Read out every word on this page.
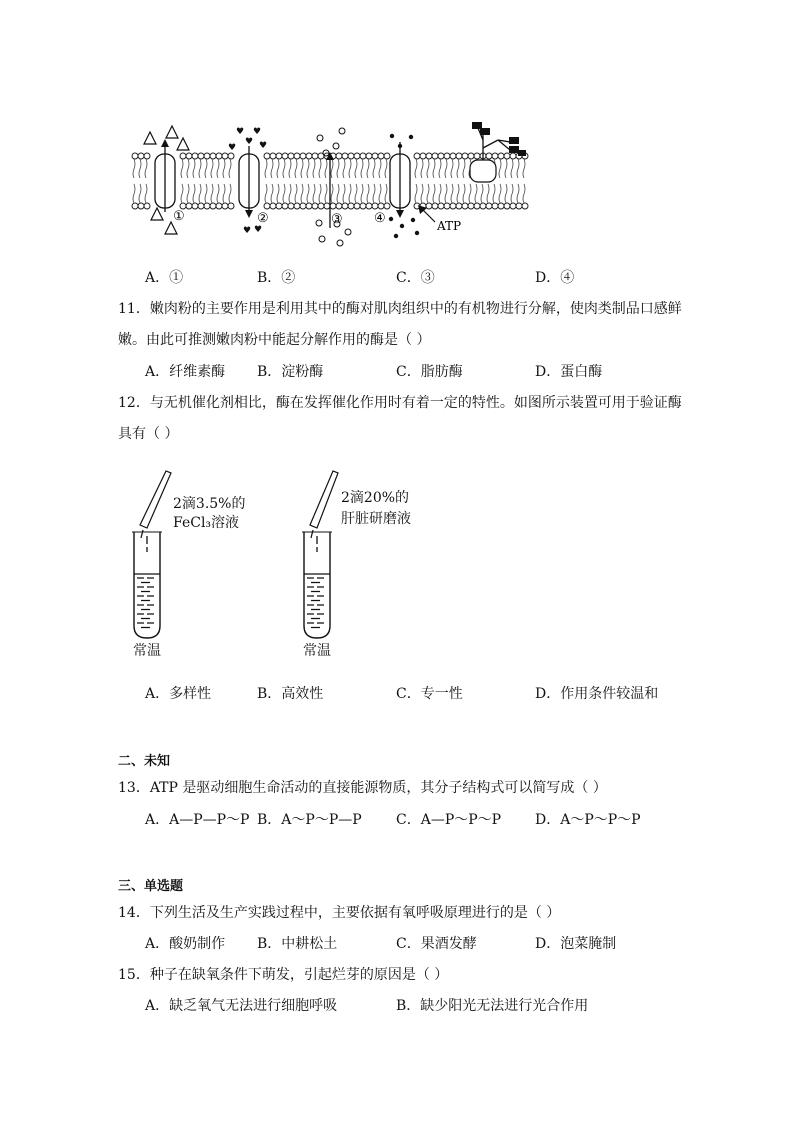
♥ ♥
♥
♥ ♥
♥ ♥
①	②	③ ④	ATP
A．①	B．②	C．③	D．④
11．嫩肉粉的主要作用是利用其中的酶对肌肉组织中的有机物进行分解，使肉类制品口感鲜
嫩。由此可推测嫩肉粉中能起分解作用的酶是（ ）
A．纤维素酶 B．淀粉酶	C．脂肪酶	D．蛋白酶
12．与无机催化剂相比，酶在发挥催化作用时有着一定的特性。如图所示装置可用于验证酶
具有（ ）
2滴3.5%的
FeCl₃溶液
2滴20%的
肝脏研磨液
常温	常温
A．多样性	B．高效性	C．专一性	D．作用条件较温和
二、未知
13．ATP 是驱动细胞生命活动的直接能源物质，其分子结构式可以简写成（ ）
A．A—P—P～P B．A～P～P—P C．A—P～P～P D．A～P～P～P
三、单选题
14．下列生活及生产实践过程中，主要依据有氧呼吸原理进行的是（ ）
A．酸奶制作 B．中耕松土	C．果酒发酵	D．泡菜腌制
15．种子在缺氧条件下萌发，引起烂芽的原因是（ ）
A．缺乏氧气无法进行细胞呼吸	B．缺少阳光无法进行光合作用
